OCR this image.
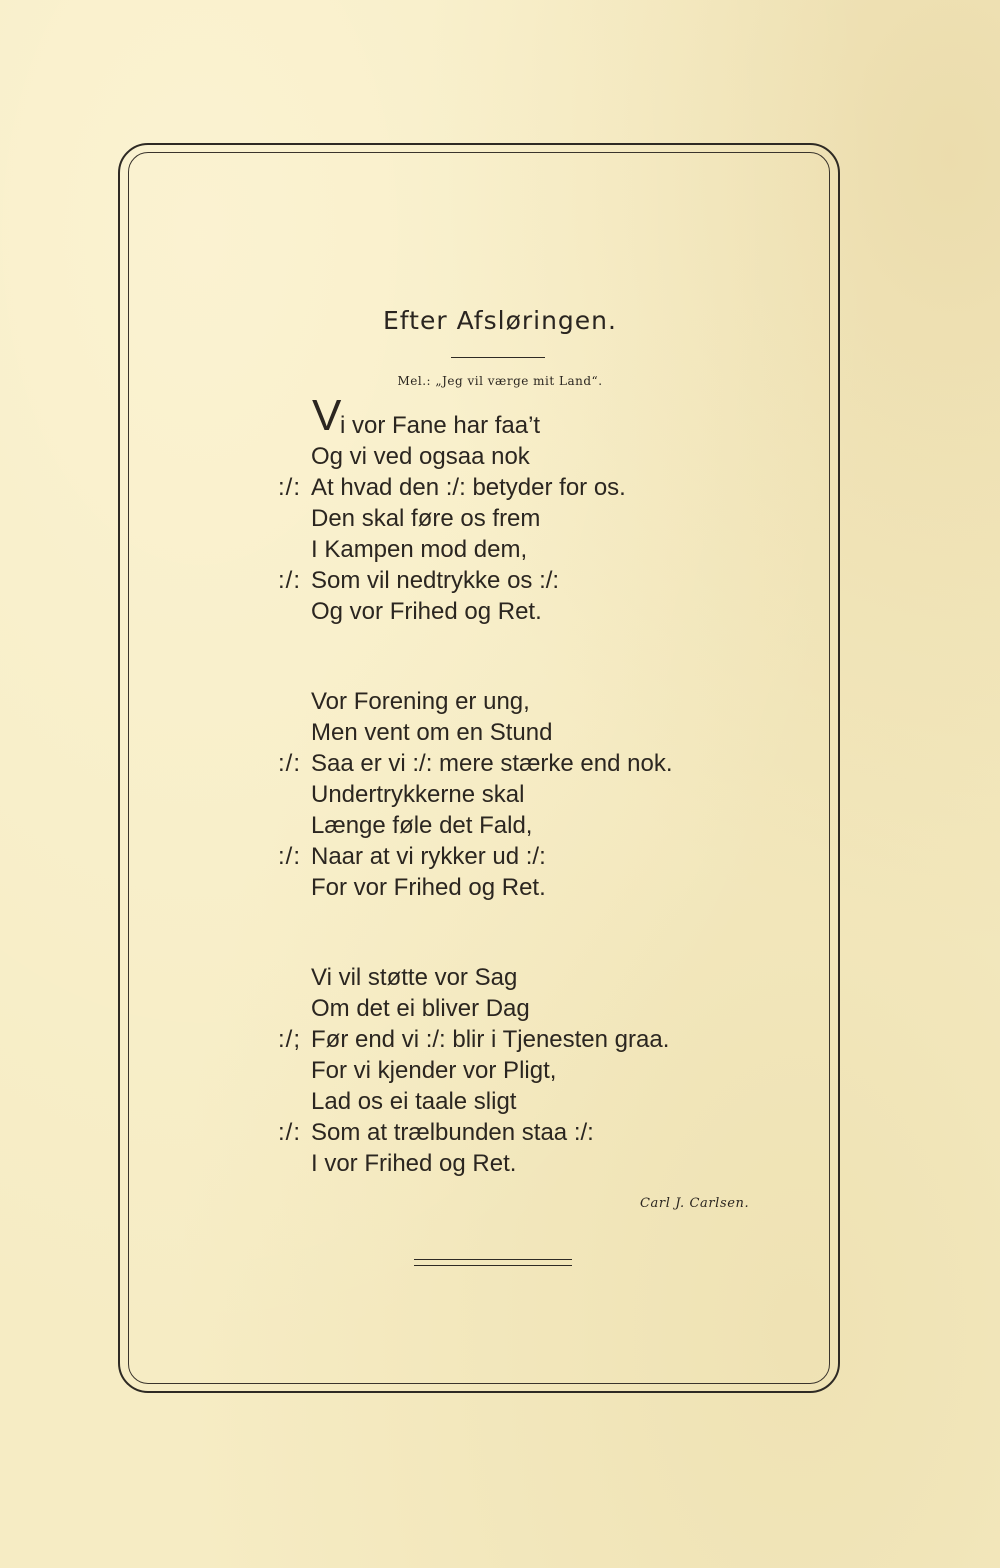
Efter Afsløringen.
Mel.: „Jeg vil værge mit Land“.
V
i vor Fane har faa’t
Og vi ved ogsaa nok
:/: At hvad den :/: betyder for os.
Den skal føre os frem
I Kampen mod dem,
:/: Som vil nedtrykke os :/:
Og vor Frihed og Ret.
Vor Forening er ung,
Men vent om en Stund
:/: Saa er vi :/: mere stærke end nok.
Undertrykkerne skal
Længe føle det Fald,
:/: Naar at vi rykker ud :/:
For vor Frihed og Ret.
Vi vil støtte vor Sag
Om det ei bliver Dag
:/; Før end vi :/: blir i Tjenesten graa.
For vi kjender vor Pligt,
Lad os ei taale sligt
:/: Som at trælbunden staa :/:
I vor Frihed og Ret.
Carl J. Carlsen.
